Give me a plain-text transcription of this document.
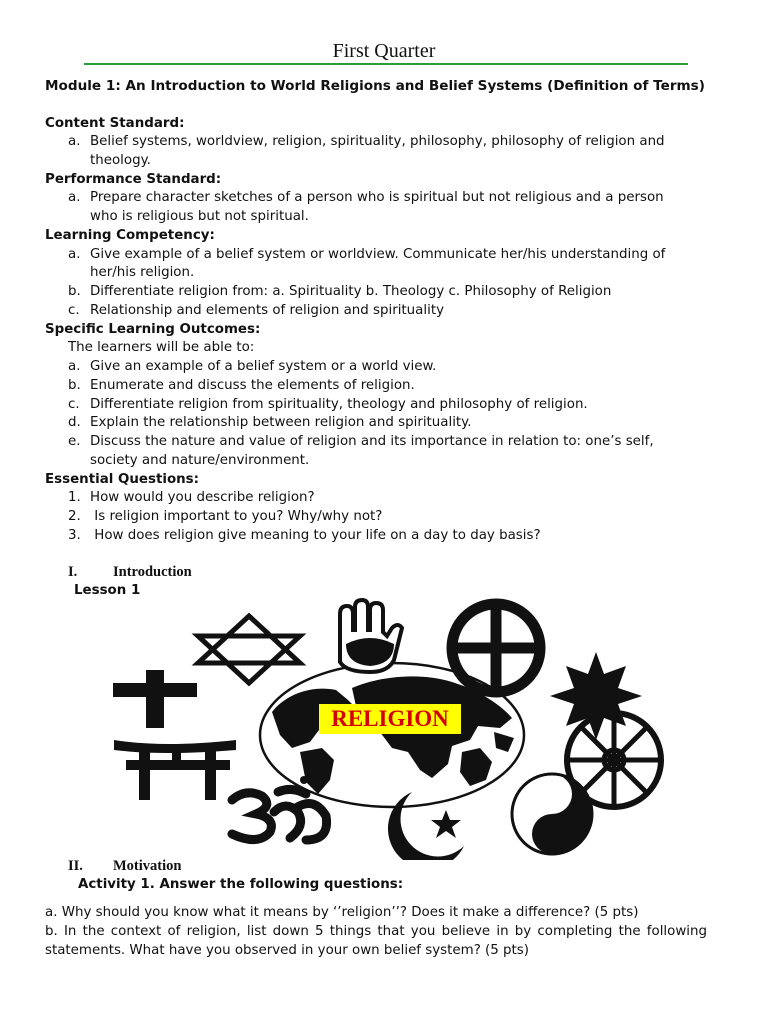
First Quarter
Module 1: An Introduction to World Religions and Belief Systems (Definition of Terms)
Content Standard:
a. Belief systems, worldview, religion, spirituality, philosophy, philosophy of religion and
theology.
Performance Standard:
a. Prepare character sketches of a person who is spiritual but not religious and a person
who is religious but not spiritual.
Learning Competency:
a. Give example of a belief system or worldview. Communicate her/his understanding of
her/his religion.
b. Differentiate religion from: a. Spirituality b. Theology c. Philosophy of Religion
c. Relationship and elements of religion and spirituality
Specific Learning Outcomes:
The learners will be able to:
a. Give an example of a belief system or a world view.
b. Enumerate and discuss the elements of religion.
c. Differentiate religion from spirituality, theology and philosophy of religion.
d. Explain the relationship between religion and spirituality.
e. Discuss the nature and value of religion and its importance in relation to: one’s self,
society and nature/environment.
Essential Questions:
1. How would you describe religion?
2. Is religion important to you? Why/why not?
3. How does religion give meaning to your life on a day to day basis?
I. Introduction
Lesson 1
RELIGION
II. Motivation
Activity 1. Answer the following questions:
a. Why should you know what it means by ‘’religion’’? Does it make a difference? (5 pts)
b. In the context of religion, list down 5 things that you believe in by completing the following statements. What have you observed in your own belief system? (5 pts)
